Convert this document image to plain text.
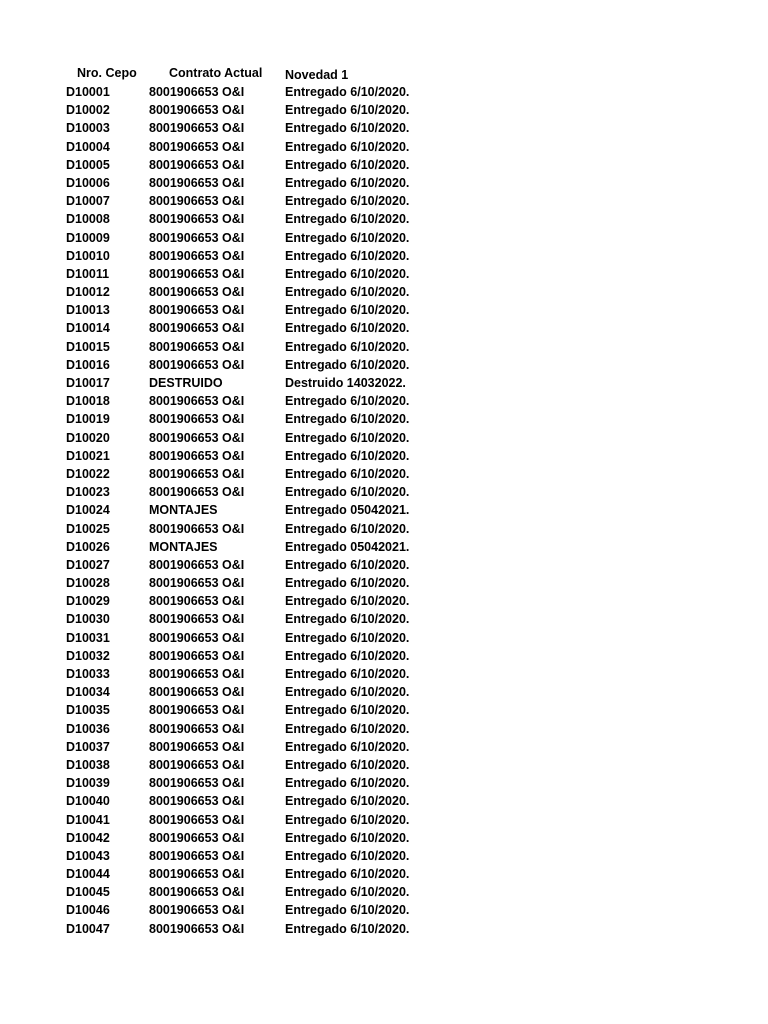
Nro. Cepo	Contrato Actual Novedad 1
D10001	8001906653 O&I	Entregado 6/10/2020.
D10002	8001906653 O&I	Entregado 6/10/2020.
D10003	8001906653 O&I	Entregado 6/10/2020.
D10004	8001906653 O&I	Entregado 6/10/2020.
D10005	8001906653 O&I	Entregado 6/10/2020.
D10006	8001906653 O&I	Entregado 6/10/2020.
D10007	8001906653 O&I	Entregado 6/10/2020.
D10008	8001906653 O&I	Entregado 6/10/2020.
D10009	8001906653 O&I	Entregado 6/10/2020.
D10010	8001906653 O&I	Entregado 6/10/2020.
D10011	8001906653 O&I	Entregado 6/10/2020.
D10012	8001906653 O&I	Entregado 6/10/2020.
D10013	8001906653 O&I	Entregado 6/10/2020.
D10014	8001906653 O&I	Entregado 6/10/2020.
D10015	8001906653 O&I	Entregado 6/10/2020.
D10016	8001906653 O&I	Entregado 6/10/2020.
D10017	DESTRUIDO	Destruido 14032022.
D10018	8001906653 O&I	Entregado 6/10/2020.
D10019	8001906653 O&I	Entregado 6/10/2020.
D10020	8001906653 O&I	Entregado 6/10/2020.
D10021	8001906653 O&I	Entregado 6/10/2020.
D10022	8001906653 O&I	Entregado 6/10/2020.
D10023	8001906653 O&I	Entregado 6/10/2020.
D10024	MONTAJES	Entregado 05042021.
D10025	8001906653 O&I	Entregado 6/10/2020.
D10026	MONTAJES	Entregado 05042021.
D10027	8001906653 O&I	Entregado 6/10/2020.
D10028	8001906653 O&I	Entregado 6/10/2020.
D10029	8001906653 O&I	Entregado 6/10/2020.
D10030	8001906653 O&I	Entregado 6/10/2020.
D10031	8001906653 O&I	Entregado 6/10/2020.
D10032	8001906653 O&I	Entregado 6/10/2020.
D10033	8001906653 O&I	Entregado 6/10/2020.
D10034	8001906653 O&I	Entregado 6/10/2020.
D10035	8001906653 O&I	Entregado 6/10/2020.
D10036	8001906653 O&I	Entregado 6/10/2020.
D10037	8001906653 O&I	Entregado 6/10/2020.
D10038	8001906653 O&I	Entregado 6/10/2020.
D10039	8001906653 O&I	Entregado 6/10/2020.
D10040	8001906653 O&I	Entregado 6/10/2020.
D10041	8001906653 O&I	Entregado 6/10/2020.
D10042	8001906653 O&I	Entregado 6/10/2020.
D10043	8001906653 O&I	Entregado 6/10/2020.
D10044	8001906653 O&I	Entregado 6/10/2020.
D10045	8001906653 O&I	Entregado 6/10/2020.
D10046	8001906653 O&I	Entregado 6/10/2020.
D10047	8001906653 O&I	Entregado 6/10/2020.
